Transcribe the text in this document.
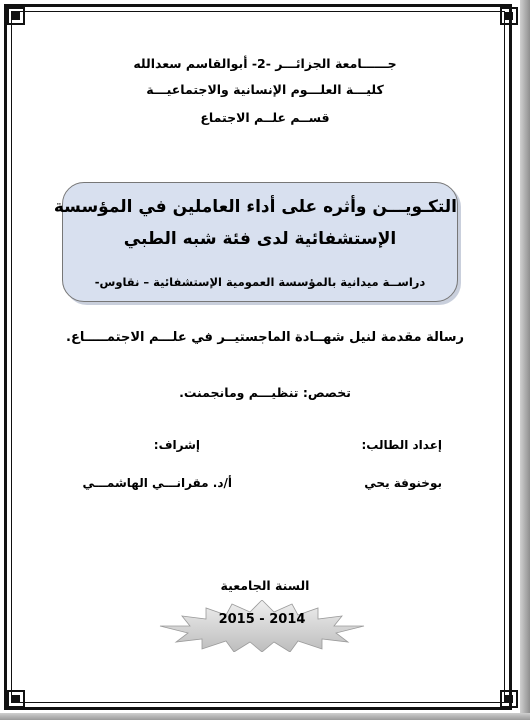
جــــــامعة الجزائـــر -2- أبوالقاسم سعدالله
كليـــة العلـــوم الإنسانية والاجتماعيـــة
قســم علــم الاجتماع
التكـويـــن وأثره على أداء العاملين في المؤسسة
الإستشفائية لدى فئة شبه الطبي
دراســة ميدانية بالمؤسسة العمومية الإستشفائية – نقاوس-
رسالة مقدمة لنيل شهــادة الماجستيــر في علـــم الاجتمـــــاع.
تخصص: تنظيـــم ومانجمنت.
إعداد الطالب:
إشراف:
بوخنوفة يحي
أ/د. مقرانـــي الهاشمـــي
السنة الجامعية
2015 - 2014
